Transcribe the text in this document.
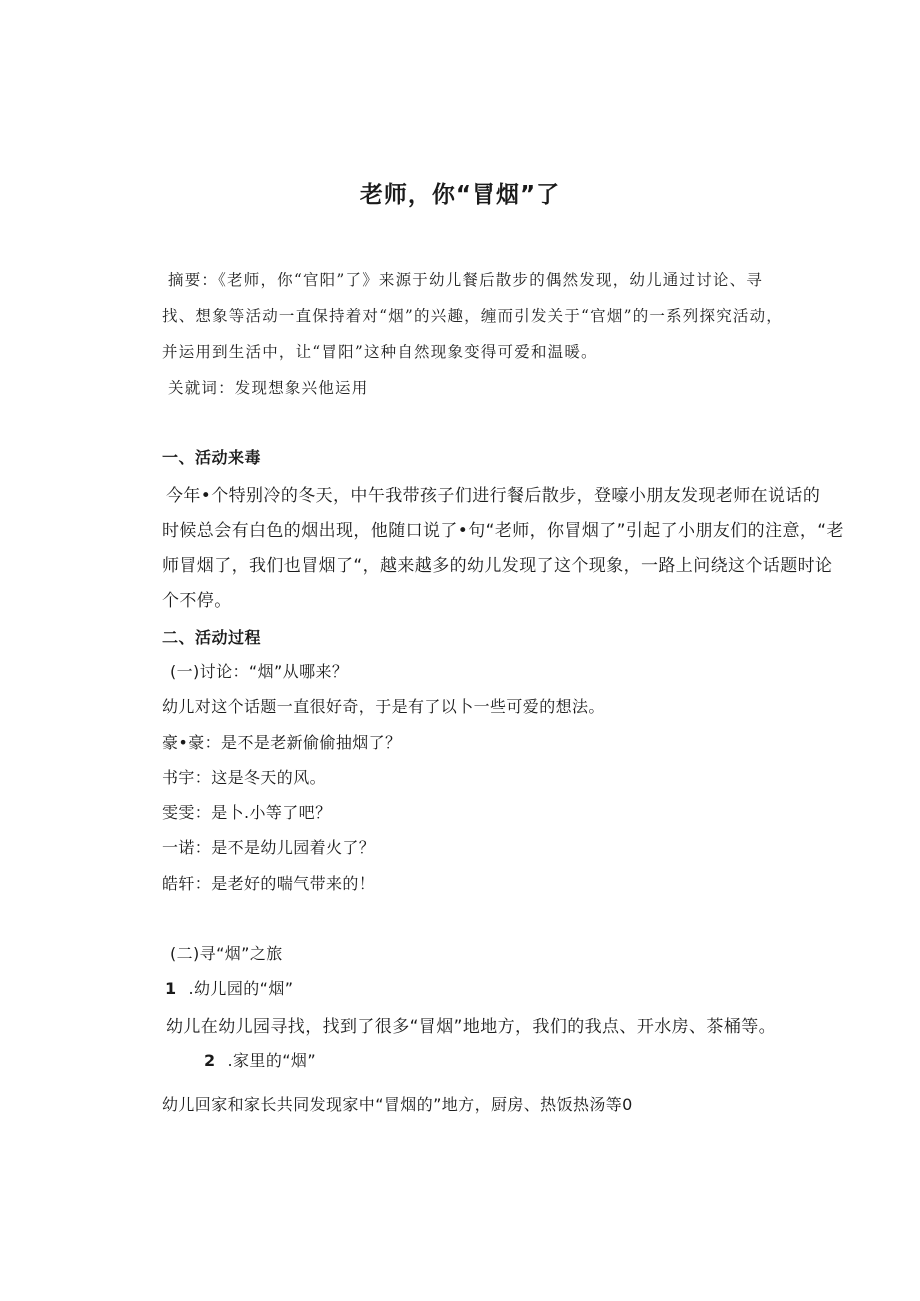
老师，你“冒烟”了
摘要：《老师，你“官阳”了》来源于幼儿餐后散步的偶然发现，幼儿通过讨论、寻
找、想象等活动一直保持着对“烟”的兴趣，缠而引发关于“官烟”的一系列探究活动，
并运用到生活中，让“冒阳”这种自然现象变得可爱和温暖。
关就词：发现想象兴他运用
一、活动来毒
今年•个特别冷的冬天，中午我带孩子们进行餐后散步，登嚎小朋友发现老师在说话的
时候总会有白色的烟出现，他随口说了•句“老师，你冒烟了”引起了小朋友们的注意，“老
师冒烟了，我们也冒烟了“，越来越多的幼儿发现了这个现象，一路上问绕这个话题时论
个不停。
二、活动过程
(一)讨论：“烟”从哪来？
幼儿对这个话题一直很好奇，于是有了以卜一些可爱的想法。
豪•豪：是不是老新偷偷抽烟了？
书宇：这是冬天的风。
雯雯：是卜.小等了吧？
一诺：是不是幼儿园着火了？
皓轩：是老好的喘气带来的！
(二)寻“烟”之旅
1 .幼儿园的“烟”
幼儿在幼儿园寻找，找到了很多“冒烟”地地方，我们的我点、开水房、茶桶等。
2 .家里的“烟”
幼儿回家和家长共同发现家中“冒烟的”地方，厨房、热饭热汤等0
